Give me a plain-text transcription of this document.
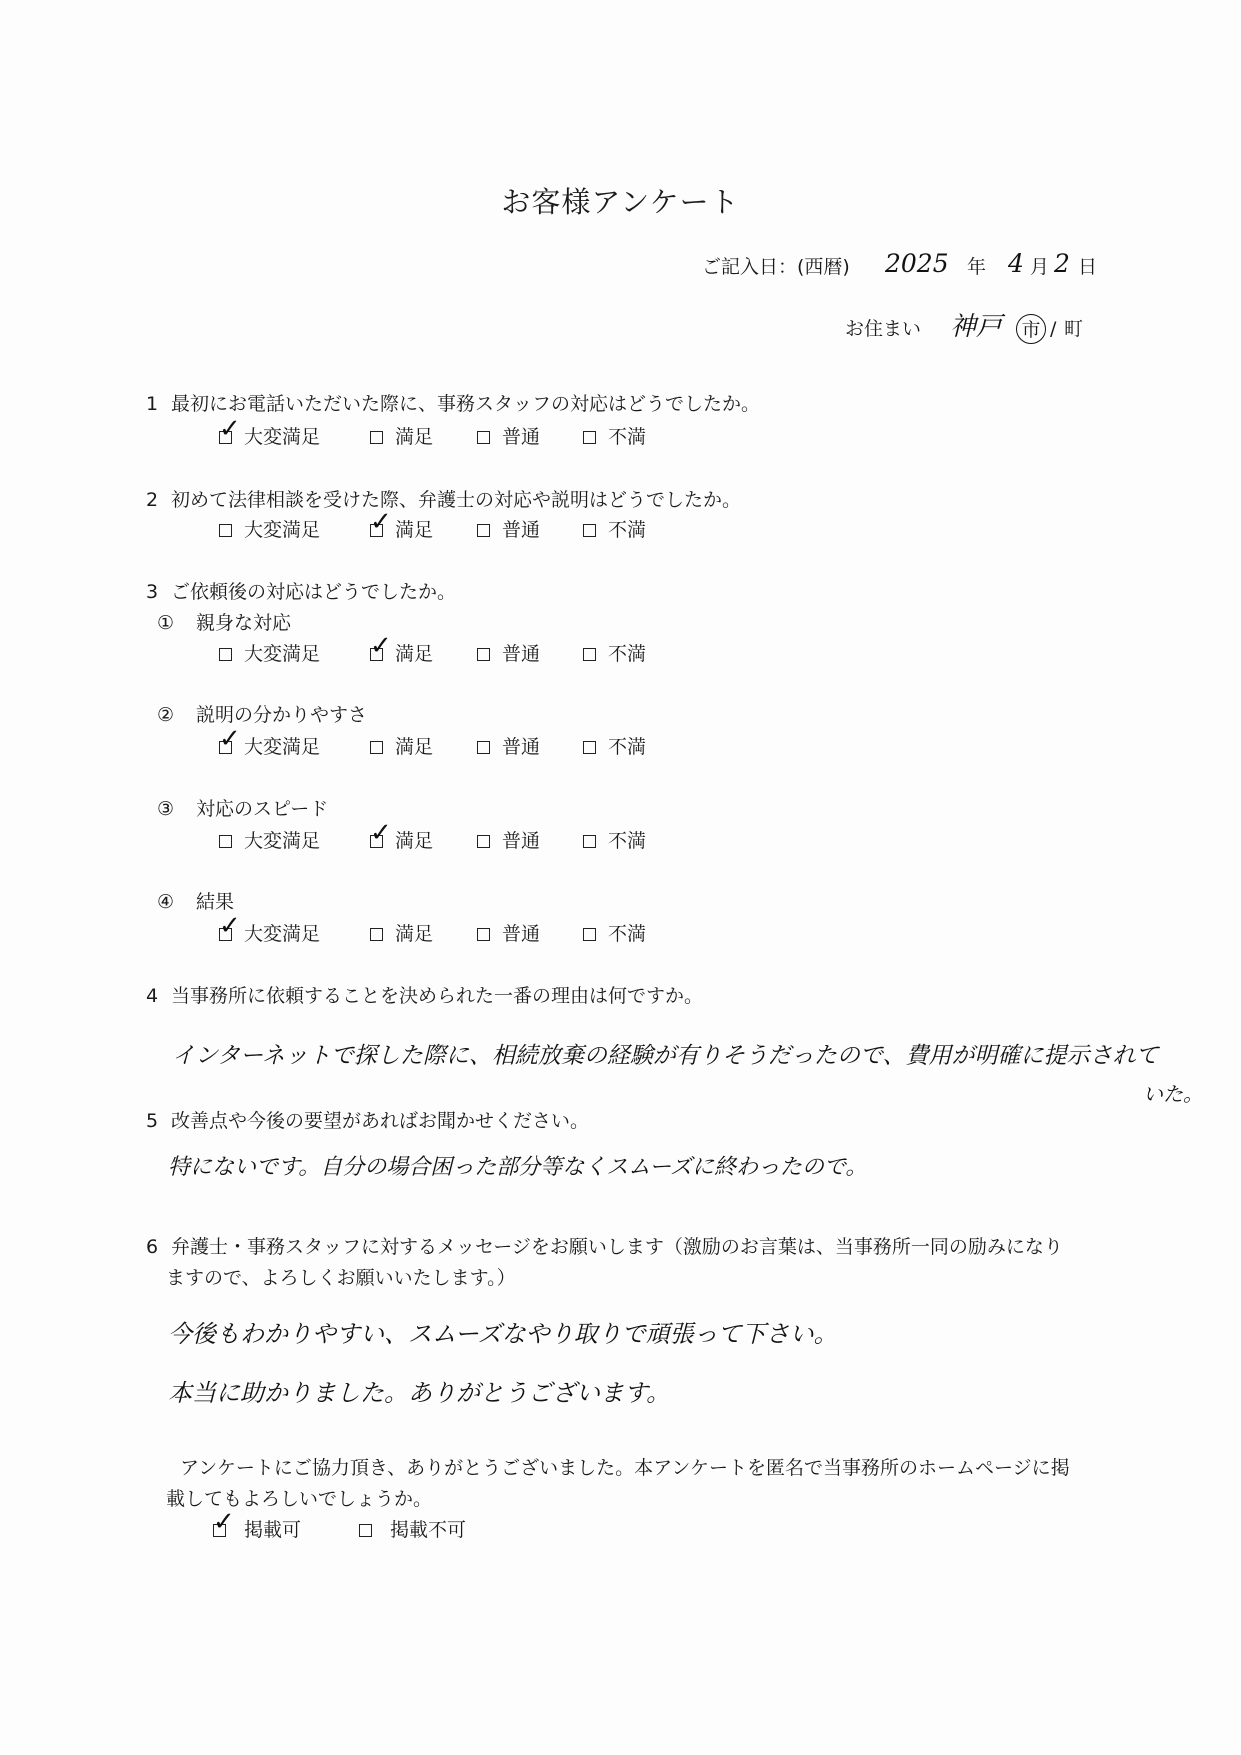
お客様アンケート
ご記入日：(西暦) 2025 年 4 月 2 日
お住まい 神戸 市 / 町
1 最初にお電話いただいた際に、事務スタッフの対応はどうでしたか。
✓
大変満足	満足	普通	不満
2 初めて法律相談を受けた際、弁護士の対応や説明はどうでしたか。
大変満足 ✓	満足	普通	不満
3 ご依頼後の対応はどうでしたか。
① 親身な対応
大変満足 ✓	満足	普通	不満
② 説明の分かりやすさ
✓
大変満足	満足	普通	不満
③ 対応のスピード
大変満足 ✓	満足	普通	不満
④ 結果
✓
大変満足	満足	普通	不満
4 当事務所に依頼することを決められた一番の理由は何ですか。
インターネットで探した際に、相続放棄の経験が有りそうだったので、費用が明確に提示されて
いた。
5 改善点や今後の要望があればお聞かせください。
特にないです。自分の場合困った部分等なくスムーズに終わったので。
6 弁護士・事務スタッフに対するメッセージをお願いします（激励のお言葉は、当事務所一同の励みになり
ますので、よろしくお願いいたします。）
今後もわかりやすい、スムーズなやり取りで頑張って下さい。
本当に助かりました。ありがとうございます。
アンケートにご協力頂き、ありがとうございました。本アンケートを匿名で当事務所のホームページに掲
載してもよろしいでしょうか。
✓
掲載可	掲載不可
